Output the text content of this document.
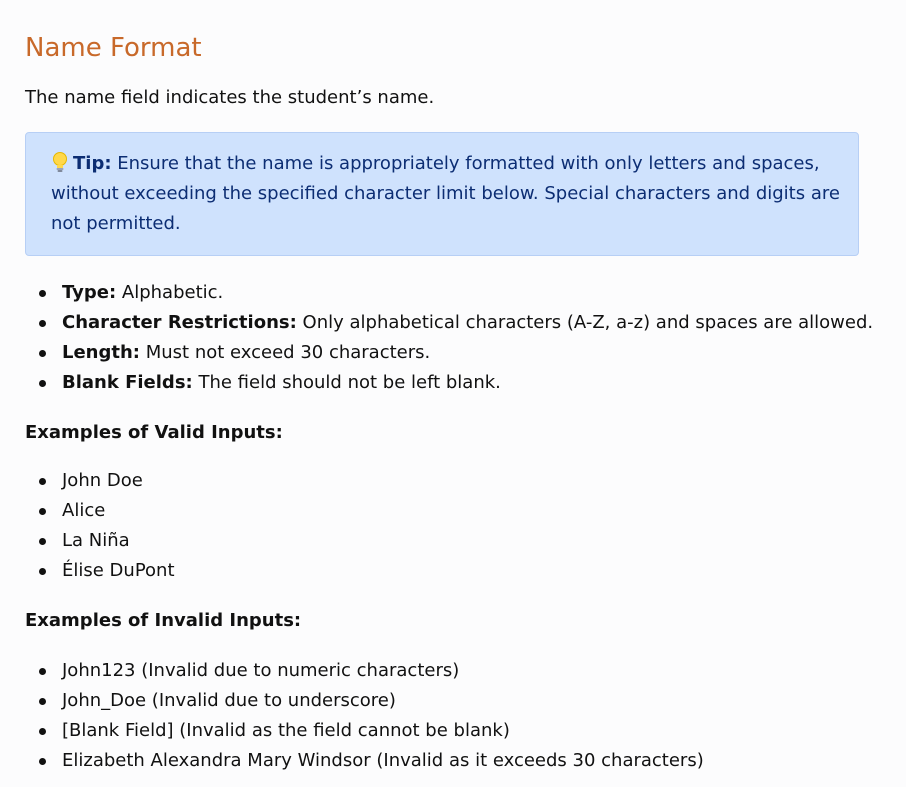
Name Format

The name field indicates the student’s name.

Tip: Ensure that the name is appropriately formatted with only letters and spaces, without exceeding the specified character limit below. Special characters and digits are not permitted.
Type: Alphabetic.
Character Restrictions: Only alphabetical characters (A-Z, a-z) and spaces are allowed.
Length: Must not exceed 30 characters.
Blank Fields: The field should not be left blank.
Examples of Valid Inputs:
John Doe
Alice
La Niña
Élise DuPont
Examples of Invalid Inputs:
John123 (Invalid due to numeric characters)
John_Doe (Invalid due to underscore)
[Blank Field] (Invalid as the field cannot be blank)
Elizabeth Alexandra Mary Windsor (Invalid as it exceeds 30 characters)
